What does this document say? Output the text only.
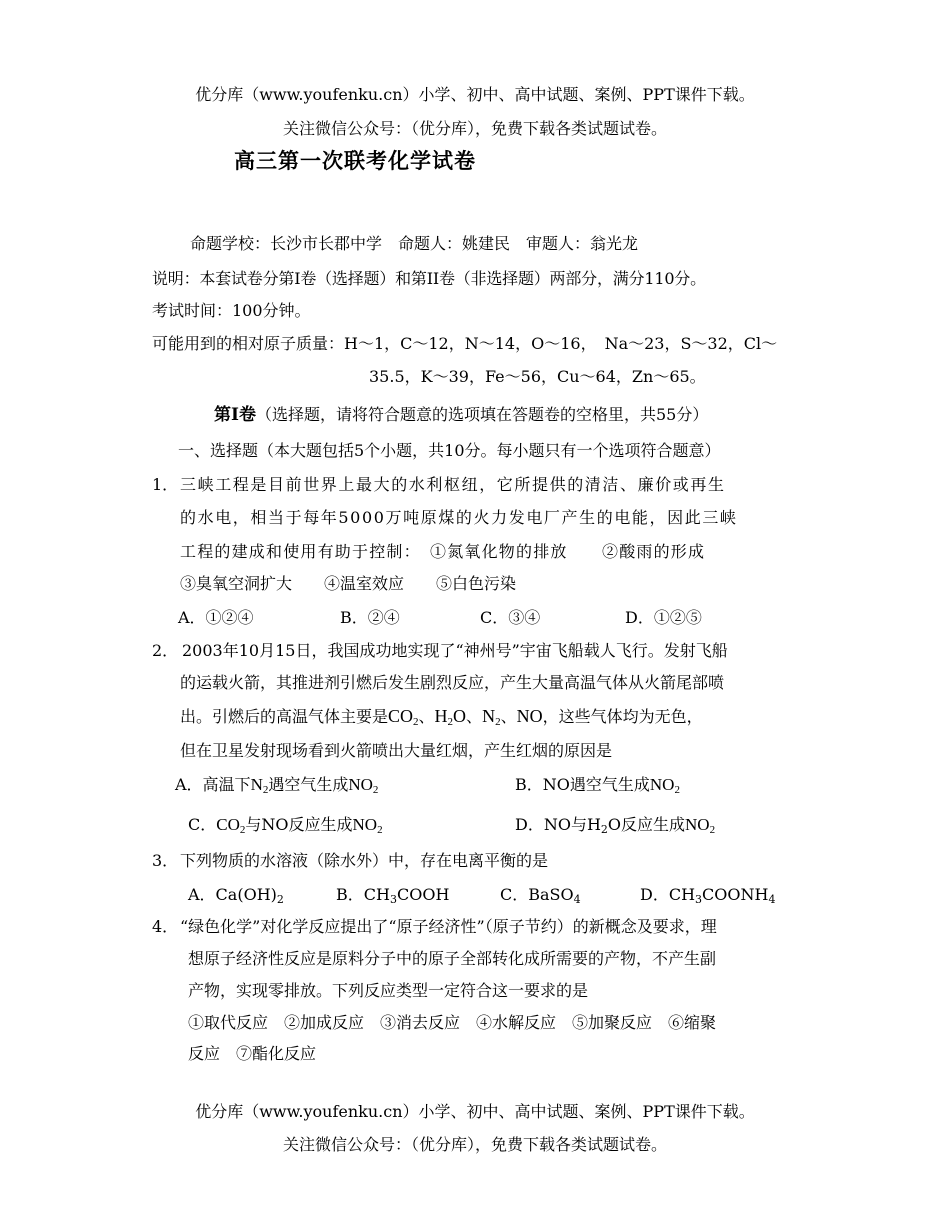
优分库（www.youfenku.cn）小学、初中、高中试题、案例、PPT课件下载。
关注微信公众号：（优分库），免费下载各类试题试卷。
高三第一次联考化学试卷
命题学校：长沙市长郡中学　命题人：姚建民　审题人：翁光龙
说明：本套试卷分第Ⅰ卷（选择题）和第II卷（非选择题）两部分，满分110分。
考试时间：100分钟。
可能用到的相对原子质量：H～1，C～12，N～14，O～16，　Na～23，S～32，Cl～
35.5，K～39，Fe～56，Cu～64，Zn～65。
第Ⅰ卷（选择题，请将符合题意的选项填在答题卷的空格里，共55分）
一、选择题（本大题包括5个小题，共10分。每小题只有一个选项符合题意）
1． 三峡工程是目前世界上最大的水利枢纽，它所提供的清洁、廉价或再生
的水电，相当于每年5000万吨原煤的火力发电厂产生的电能，因此三峡
工程的建成和使用有助于控制：　①氮氧化物的排放　　②酸雨的形成
③臭氧空洞扩大　　④温室效应　　⑤白色污染
A．①②④	B．②④	C．③④	D．①②⑤
2． 2003年10月15日，我国成功地实现了“神州号”宇宙飞船载人飞行。发射飞船
的运载火箭，其推进剂引燃后发生剧烈反应，产生大量高温气体从火箭尾部喷
出。引燃后的高温气体主要是$CO_2$、$H_2O$、$N_2$、NO，这些气体均为无色，
但在卫星发射现场看到火箭喷出大量红烟，产生红烟的原因是
A．高温下$N_2$遇空气生成$NO_2$	B．NO遇空气生成$NO_2$
C．$CO_2$与NO反应生成$NO_2$	D．NO与$H_2O$反应生成$NO_2$
3． 下列物质的水溶液（除水外）中，存在电离平衡的是
A．$Ca(OH)_2$	B．$CH_3COOH$	C．BaSO$_4$	D．$CH_3COONH_4$
4． “绿色化学”对化学反应提出了“原子经济性”（原子节约）的新概念及要求，理
想原子经济性反应是原料分子中的原子全部转化成所需要的产物，不产生副
产物，实现零排放。下列反应类型一定符合这一要求的是
①取代反应　②加成反应　③消去反应　④水解反应　⑤加聚反应　⑥缩聚
反应　⑦酯化反应
优分库（www.youfenku.cn）小学、初中、高中试题、案例、PPT课件下载。
关注微信公众号：（优分库），免费下载各类试题试卷。
